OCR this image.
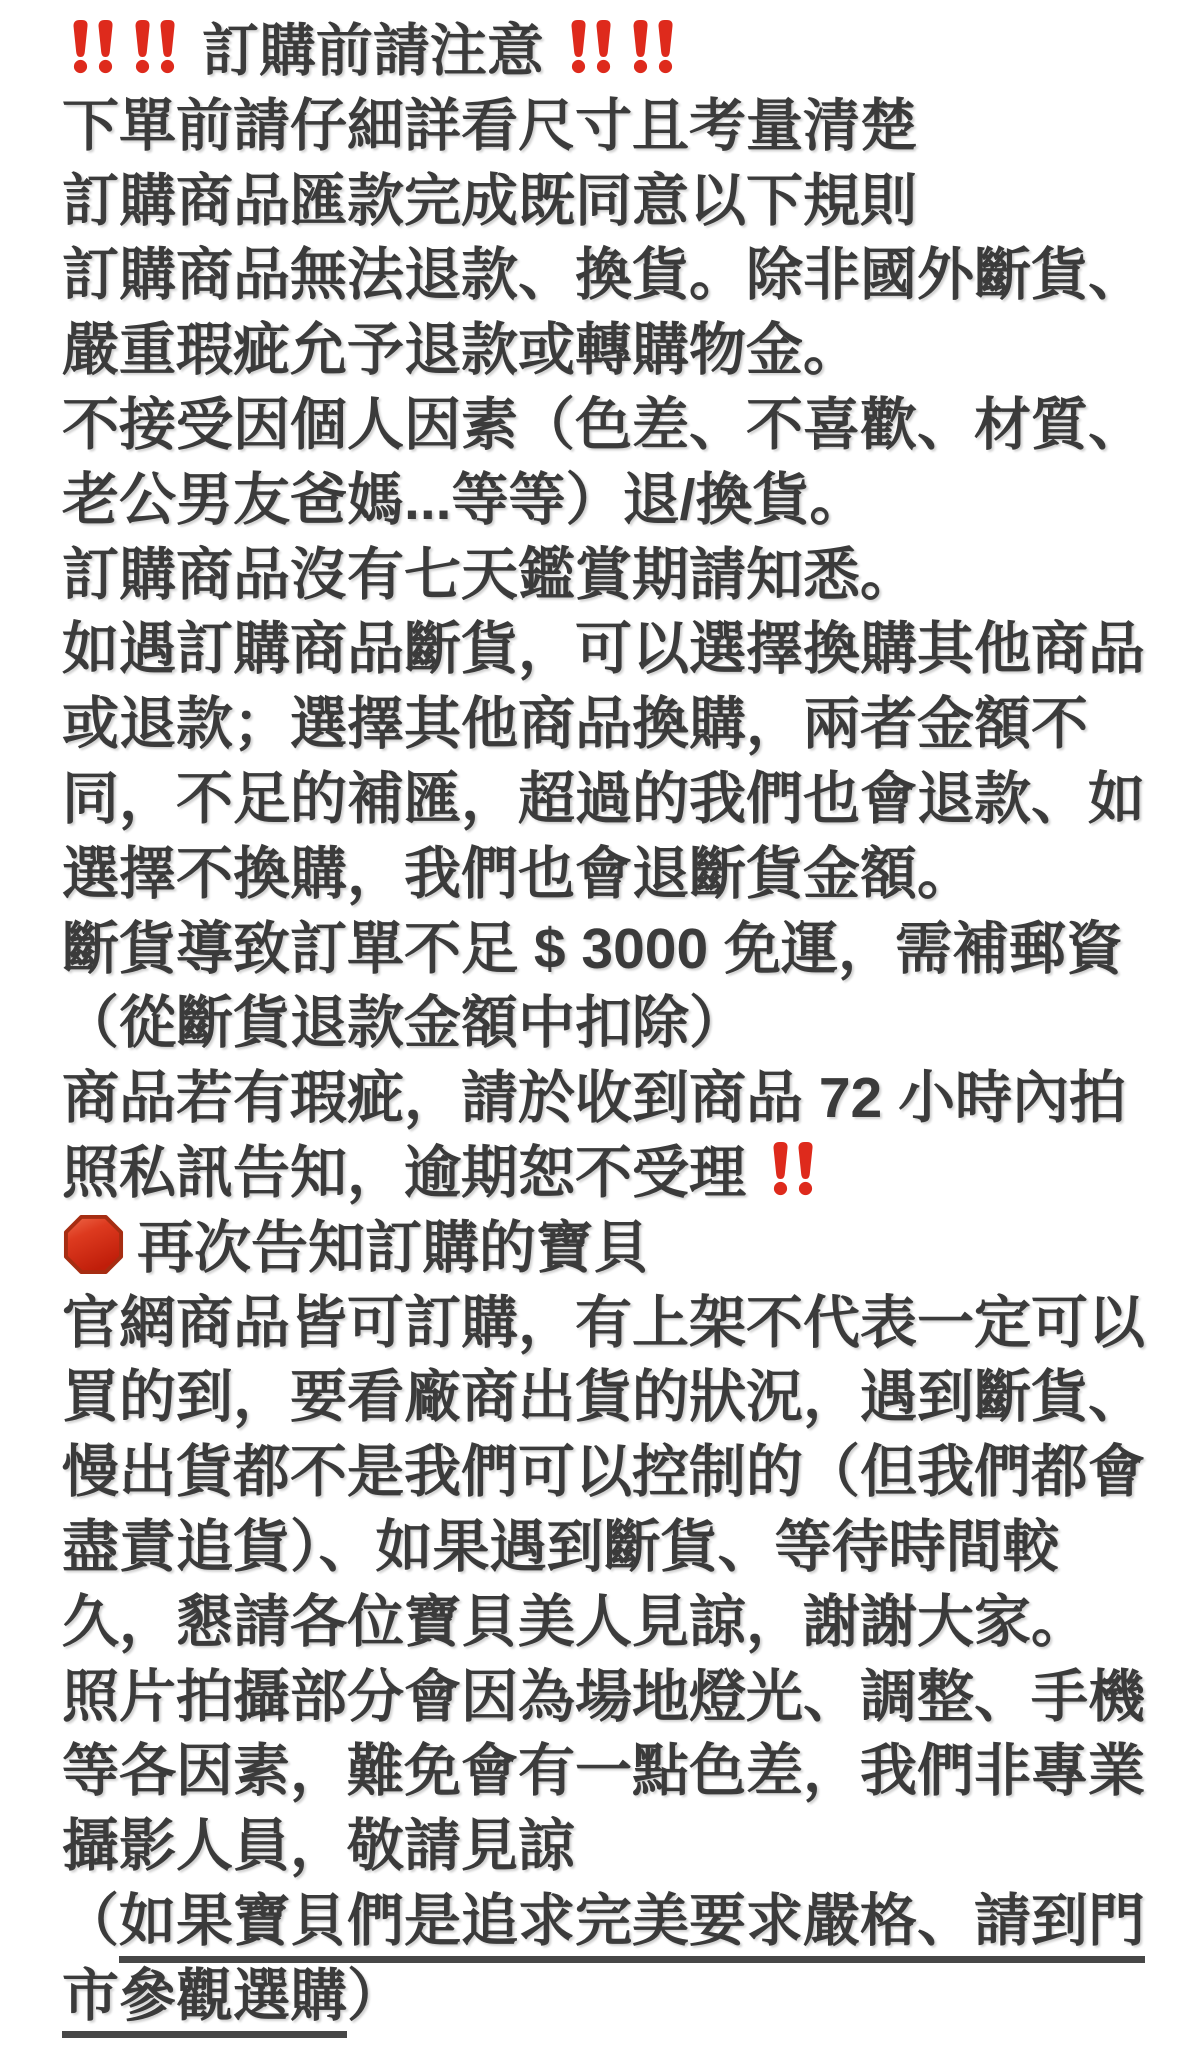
訂購前請注意
下單前請仔細詳看尺寸且考量清楚
訂購商品匯款完成既同意以下規則
訂購商品無法退款、換貨。除非國外斷貨、
嚴重瑕疵允予退款或轉購物金。
不接受因個人因素（色差、不喜歡、材質、
老公男友爸媽...等等）退/換貨。
訂購商品沒有七天鑑賞期請知悉。
如遇訂購商品斷貨，可以選擇換購其他商品
或退款；選擇其他商品換購，兩者金額不
同，不足的補匯，超過的我們也會退款、如
選擇不換購，我們也會退斷貨金額。
斷貨導致訂單不足 $ 3000 免運，需補郵資
（從斷貨退款金額中扣除）
商品若有瑕疵，請於收到商品 72 小時內拍
照私訊告知，逾期恕不受理
再次告知訂購的寶貝
官網商品皆可訂購，有上架不代表一定可以
買的到，要看廠商出貨的狀況，遇到斷貨、
慢出貨都不是我們可以控制的（但我們都會
盡責追貨）、如果遇到斷貨、等待時間較
久，懇請各位寶貝美人見諒，謝謝大家。
照片拍攝部分會因為場地燈光、調整、手機
等各因素，難免會有一點色差，我們非專業
攝影人員，敬請見諒
（如果寶貝們是追求完美要求嚴格、請到門
市參觀選購）
